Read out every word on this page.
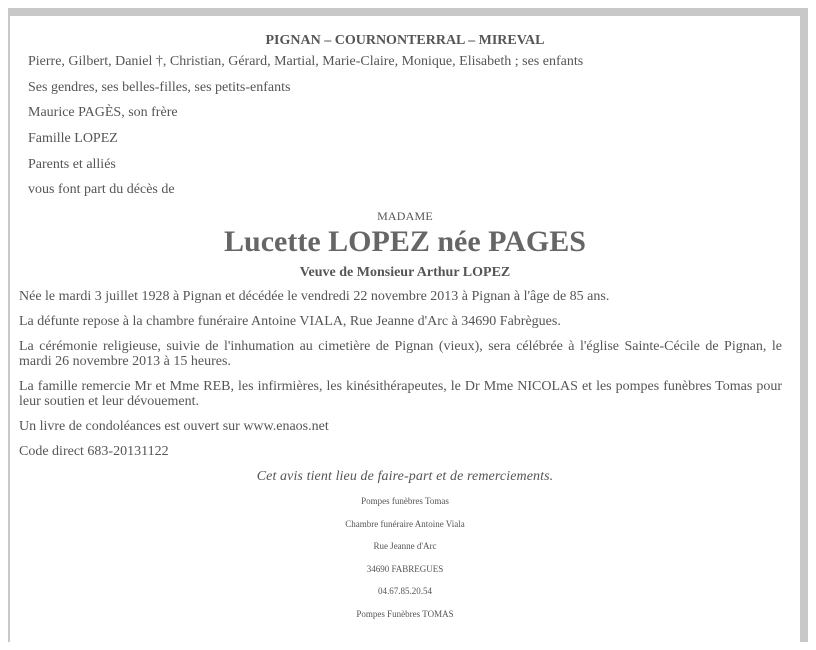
PIGNAN – COURNONTERRAL – MIREVAL
Pierre, Gilbert, Daniel †, Christian, Gérard, Martial, Marie-Claire, Monique, Elisabeth ; ses enfants
Ses gendres, ses belles-filles, ses petits-enfants
Maurice PAGÈS, son frère
Famille LOPEZ
Parents et alliés
vous font part du décès de
MADAME
Lucette LOPEZ née PAGES
Veuve de Monsieur Arthur LOPEZ

Née le mardi 3 juillet 1928 à Pignan et décédée le vendredi 22 novembre 2013 à Pignan à l'âge de 85 ans.

La défunte repose à la chambre funéraire Antoine VIALA, Rue Jeanne d'Arc à 34690 Fabrègues.

La cérémonie religieuse, suivie de l'inhumation au cimetière de Pignan (vieux), sera célébrée à l'église Sainte-Cécile de Pignan, le mardi 26 novembre 2013 à 15 heures.

La famille remercie Mr et Mme REB, les infirmières, les kinésithérapeutes, le Dr Mme NICOLAS et les pompes funèbres Tomas pour leur soutien et leur dévouement.

Un livre de condoléances est ouvert sur www.enaos.net

Code direct 683-20131122

Cet avis tient lieu de faire-part et de remerciements.
Pompes funèbres Tomas
Chambre funéraire Antoine Viala
Rue Jeanne d'Arc
34690 FABREGUES
04.67.85.20.54
Pompes Funèbres TOMAS
